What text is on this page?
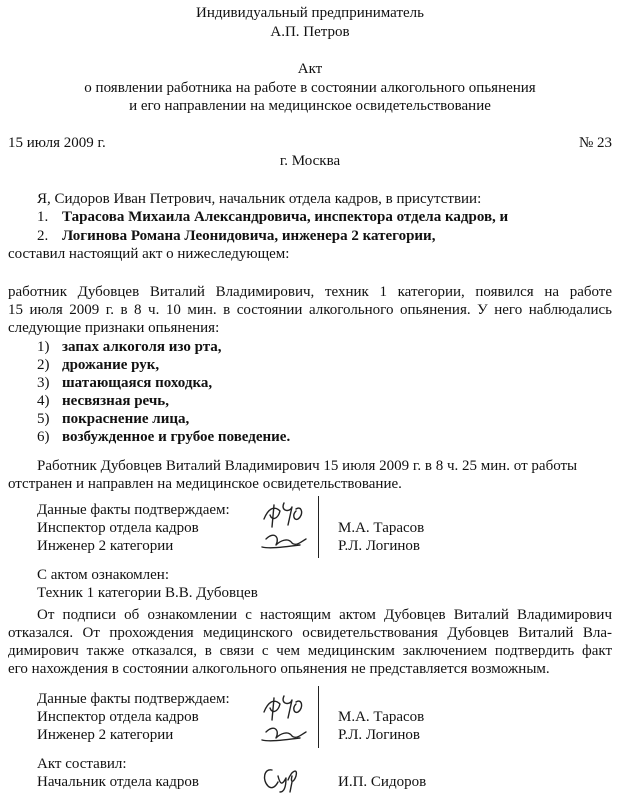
Индивидуальный предприниматель
А.П. Петров
Акт
о появлении работника на работе в состоянии алкогольного опьянения
и его направлении на медицинское освидетельствование
15 июля 2009 г.	№ 23
г. Москва
Я, Сидоров Иван Петрович, начальник отдела кадров, в присутствии:
1. Тарасова Михаила Александровича, инспектора отдела кадров, и
2. Логинова Романа Леонидовича, инженера 2 категории,
составил настоящий акт о нижеследующем:
работник Дубовцев Виталий Владимирович, техник 1 категории, появился на работе
15 июля 2009 г. в 8 ч. 10 мин. в состоянии алкогольного опьянения. У него наблюдались
следующие признаки опьянения:
1) запах алкоголя изо рта,
2) дрожание рук,
3) шатающаяся походка,
4) несвязная речь,
5) покраснение лица,
6) возбужденное и грубое поведение.
Работник Дубовцев Виталий Владимирович 15 июля 2009 г. в 8 ч. 25 мин. от работы
отстранен и направлен на медицинское освидетельствование.
Данные факты подтверждаем:
Инспектор отдела кадров
Инженер 2 категории
М.А. Тарасов
Р.Л. Логинов
С актом ознакомлен:
Техник 1 категории В.В. Дубовцев
От подписи об ознакомлении с настоящим актом Дубовцев Виталий Владимирович
отказался. От прохождения медицинского освидетельствования Дубовцев Виталий Вла-
димирович также отказался, в связи с чем медицинским заключением подтвердить факт
его нахождения в состоянии алкогольного опьянения не представляется возможным.
Данные факты подтверждаем:
Инспектор отдела кадров
Инженер 2 категории
М.А. Тарасов
Р.Л. Логинов
Акт составил:
Начальник отдела кадров	И.П. Сидоров
